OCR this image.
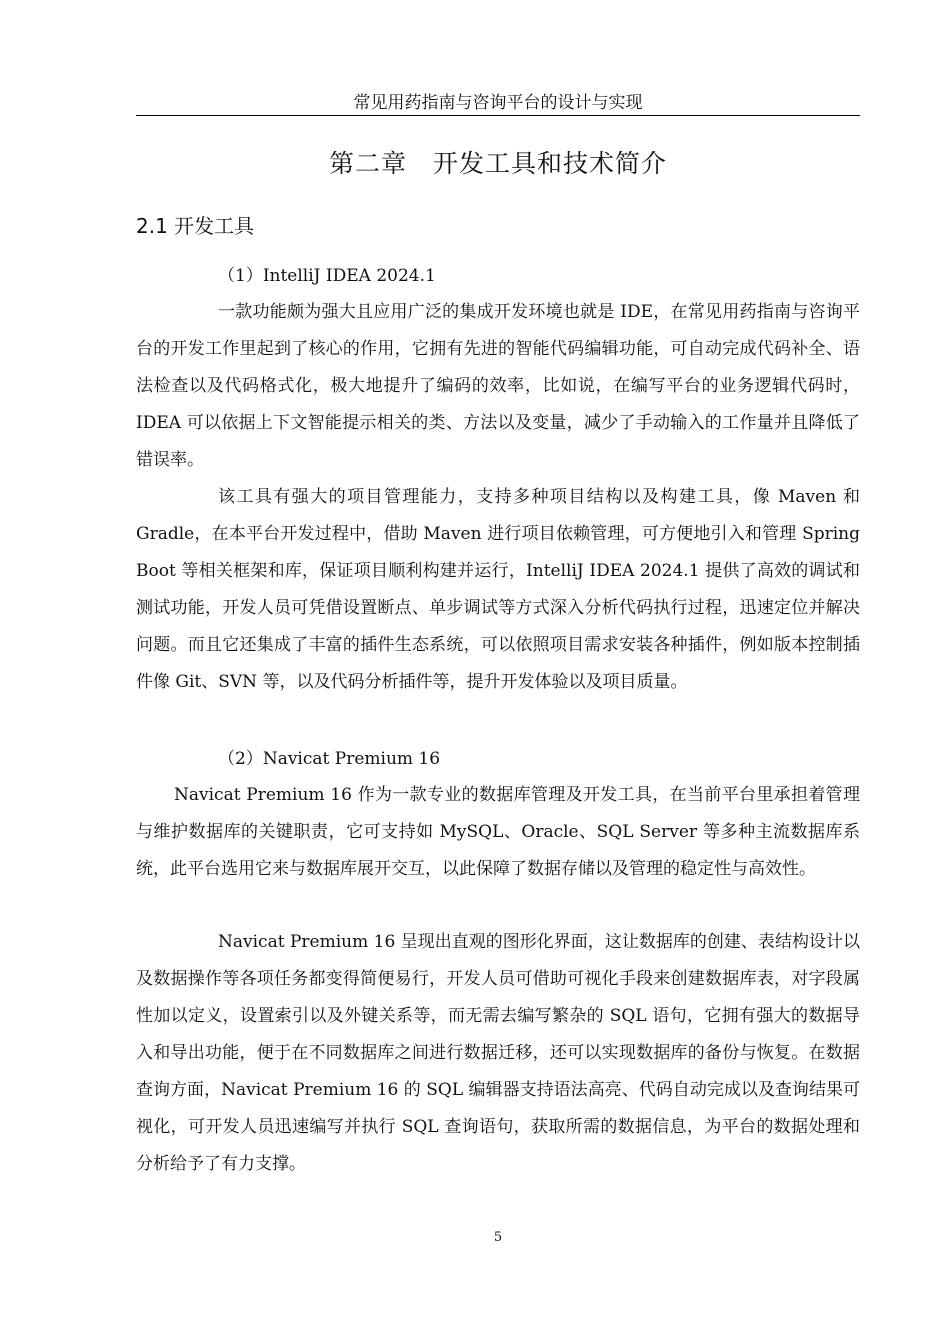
常见用药指南与咨询平台的设计与实现
第二章　开发工具和技术简介
2.1 开发工具
（1）IntelliJ IDEA 2024.1

一款功能颇为强大且应用广泛的集成开发环境也就是 IDE，在常见用药指南与咨询平台的开发工作里起到了核心的作用，它拥有先进的智能代码编辑功能，可自动完成代码补全、语法检查以及代码格式化，极大地提升了编码的效率，比如说，在编写平台的业务逻辑代码时，IDEA 可以依据上下文智能提示相关的类、方法以及变量，减少了手动输入的工作量并且降低了错误率。

该工具有强大的项目管理能力，支持多种项目结构以及构建工具，像 Maven 和 Gradle，在本平台开发过程中，借助 Maven 进行项目依赖管理，可方便地引入和管理 Spring Boot 等相关框架和库，保证项目顺利构建并运行，IntelliJ IDEA 2024.1 提供了高效的调试和测试功能，开发人员可凭借设置断点、单步调试等方式深入分析代码执行过程，迅速定位并解决问题。而且它还集成了丰富的插件生态系统，可以依照项目需求安装各种插件，例如版本控制插件像 Git、SVN 等，以及代码分析插件等，提升开发体验以及项目质量。

（2）Navicat Premium 16

Navicat Premium 16 作为一款专业的数据库管理及开发工具，在当前平台里承担着管理与维护数据库的关键职责，它可支持如 MySQL、Oracle、SQL Server 等多种主流数据库系统，此平台选用它来与数据库展开交互，以此保障了数据存储以及管理的稳定性与高效性。

Navicat Premium 16 呈现出直观的图形化界面，这让数据库的创建、表结构设计以及数据操作等各项任务都变得简便易行，开发人员可借助可视化手段来创建数据库表，对字段属性加以定义，设置索引以及外键关系等，而无需去编写繁杂的 SQL 语句，它拥有强大的数据导入和导出功能，便于在不同数据库之间进行数据迁移，还可以实现数据库的备份与恢复。在数据查询方面，Navicat Premium 16 的 SQL 编辑器支持语法高亮、代码自动完成以及查询结果可视化，可开发人员迅速编写并执行 SQL 查询语句，获取所需的数据信息，为平台的数据处理和分析给予了有力支撑。

5
